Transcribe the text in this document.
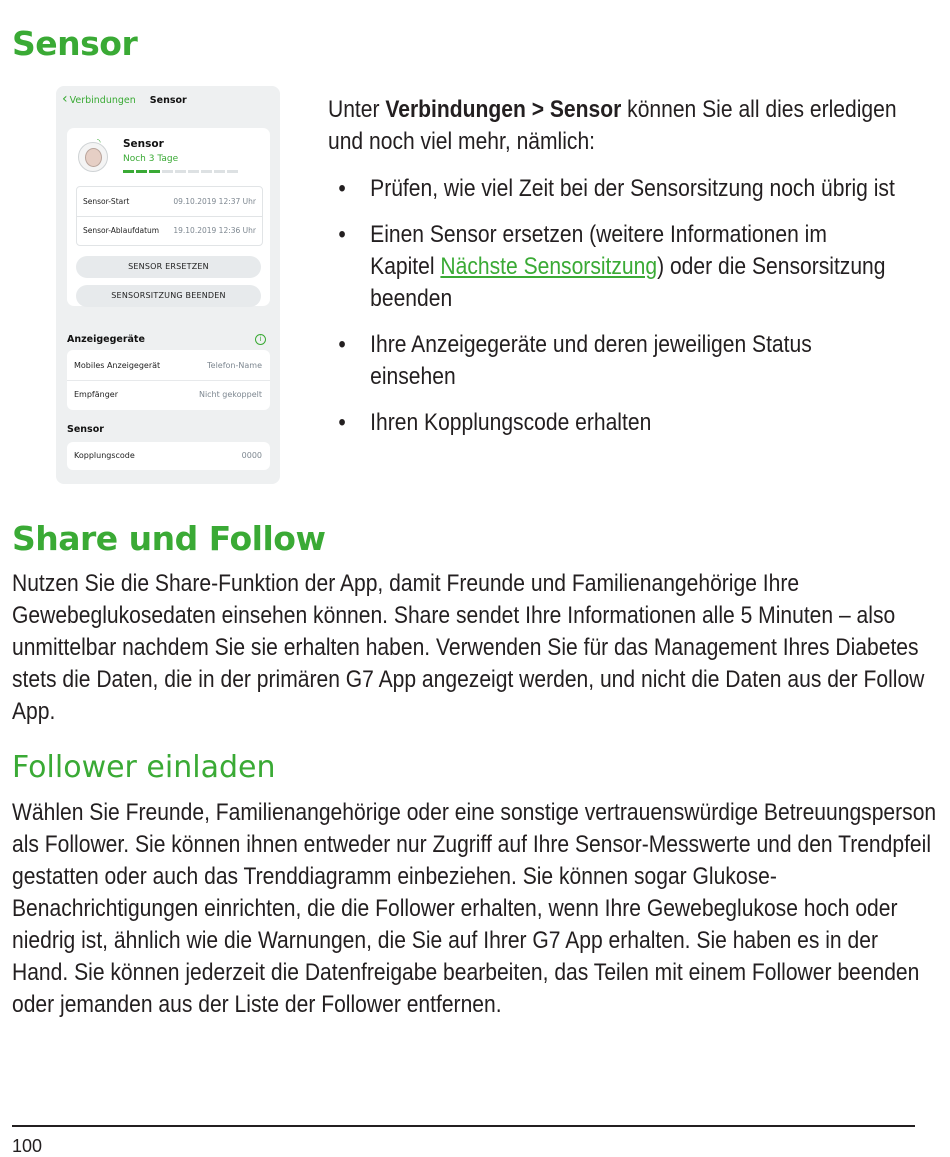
Sensor
‹ Verbindungen Sensor
◝ Sensor
Noch 3 Tage
Sensor-Start	09.10.2019 12:37 Uhr
Sensor-Ablaufdatum 19.10.2019 12:36 Uhr
SENSOR ERSETZEN
SENSORSITZUNG BEENDEN
Anzeigegeräte	i
Mobiles Anzeigegerät	Telefon-Name
Empfänger	Nicht gekoppelt
Sensor
Kopplungscode	0000

Unter Verbindungen > Sensor können Sie all dies erledigen und noch viel mehr, nämlich:

• Prüfen, wie viel Zeit bei der Sensorsitzung noch übrig ist
• Einen Sensor ersetzen (weitere Informationen im Kapitel Nächste Sensorsitzung) oder die Sensorsitzung beenden
• Ihre Anzeigegeräte und deren jeweiligen Status einsehen
• Ihren Kopplungscode erhalten
Share und Follow

Nutzen Sie die Share-Funktion der App, damit Freunde und Familienangehörige Ihre Gewebeglukosedaten einsehen können. Share sendet Ihre Informationen alle 5 Minuten – also unmittelbar nachdem Sie sie erhalten haben. Verwenden Sie für das Management Ihres Diabetes stets die Daten, die in der primären G7 App angezeigt werden, und nicht die Daten aus der Follow App.

Follower einladen

Wählen Sie Freunde, Familienangehörige oder eine sonstige vertrauenswürdige Betreuungsperson als Follower. Sie können ihnen entweder nur Zugriff auf Ihre Sensor-Messwerte und den Trendpfeil gestatten oder auch das Trenddiagramm einbeziehen. Sie können sogar Glukose-Benachrichtigungen einrichten, die die Follower erhalten, wenn Ihre Gewebeglukose hoch oder niedrig ist, ähnlich wie die Warnungen, die Sie auf Ihrer G7 App erhalten. Sie haben es in der Hand. Sie können jederzeit die Datenfreigabe bearbeiten, das Teilen mit einem Follower beenden oder jemanden aus der Liste der Follower entfernen.

100
